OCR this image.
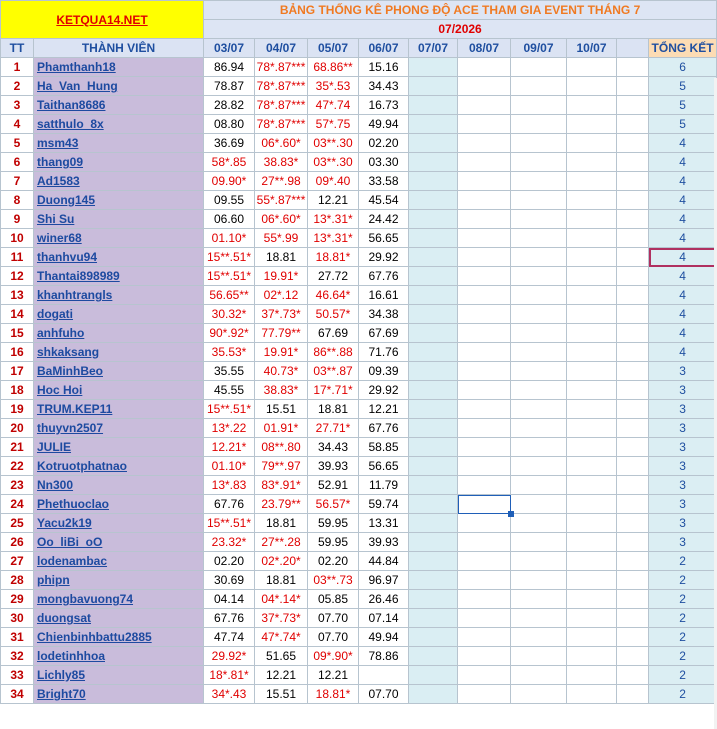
KETQUA14.NET		BẢNG THỐNG KÊ PHONG ĐỘ ACE THAM GIA EVENT THÁNG 7									
		07/2026									
TT	THÀNH VIÊN	03/07	04/07	05/07	06/07	07/07	08/07	09/07	10/07		TỔNG KẾT
1	Phamthanh18	86.94	78*.87***	68.86**	15.16						6
2	Ha_Van_Hung	78.87	78*.87***	35*.53	34.43						5
3	Taithan8686	28.82	78*.87***	47*.74	16.73						5
4	satthulo_8x	08.80	78*.87***	57*.75	49.94						5
5	msm43	36.69	06*.60*	03**.30	02.20						4
6	thang09	58*.85	38.83*	03**.30	03.30						4
7	Ad1583	09.90*	27**.98	09*.40	33.58						4
8	Duong145	09.55	55*.87***	12.21	45.54						4
9	Shi Su	06.60	06*.60*	13*.31*	24.42						4
10	winer68	01.10*	55*.99	13*.31*	56.65						4
11	thanhvu94	15**.51*	18.81	18.81*	29.92						4
12	Thantai898989	15**.51*	19.91*	27.72	67.76						4
13	khanhtrangls	56.65**	02*.12	46.64*	16.61						4
14	dogati	30.32*	37*.73*	50.57*	34.38						4
15	anhfuho	90*.92*	77.79**	67.69	67.69						4
16	shkaksang	35.53*	19.91*	86**.88	71.76						4
17	BaMinhBeo	35.55	40.73*	03**.87	09.39						3
18	Hoc Hoi	45.55	38.83*	17*.71*	29.92						3
19	TRUM.KEP11	15**.51*	15.51	18.81	12.21						3
20	thuyvn2507	13*.22	01.91*	27.71*	67.76						3
21	JULIE	12.21*	08**.80	34.43	58.85						3
22	Kotruotphatnao	01.10*	79**.97	39.93	56.65						3
23	Nn300	13*.83	83*.91*	52.91	11.79						3
24	Phethuoclao	67.76	23.79**	56.57*	59.74						3
25	Yacu2k19	15**.51*	18.81	59.95	13.31						3
26	Oo_liBi_oO	23.32*	27**.28	59.95	39.93						3
27	lodenambac	02.20	02*.20*	02.20	44.84						2
28	phipn	30.69	18.81	03**.73	96.97						2
29	mongbavuong74	04.14	04*.14*	05.85	26.46						2
30	duongsat	67.76	37*.73*	07.70	07.14						2
31	Chienbinhbattu2885	47.74	47*.74*	07.70	49.94						2
32	lodetinhhoa	29.92*	51.65	09*.90*	78.86						2
33	Lichly85	18*.81*	12.21	12.21							2
34	Bright70	34*.43	15.51	18.81*	07.70						2
